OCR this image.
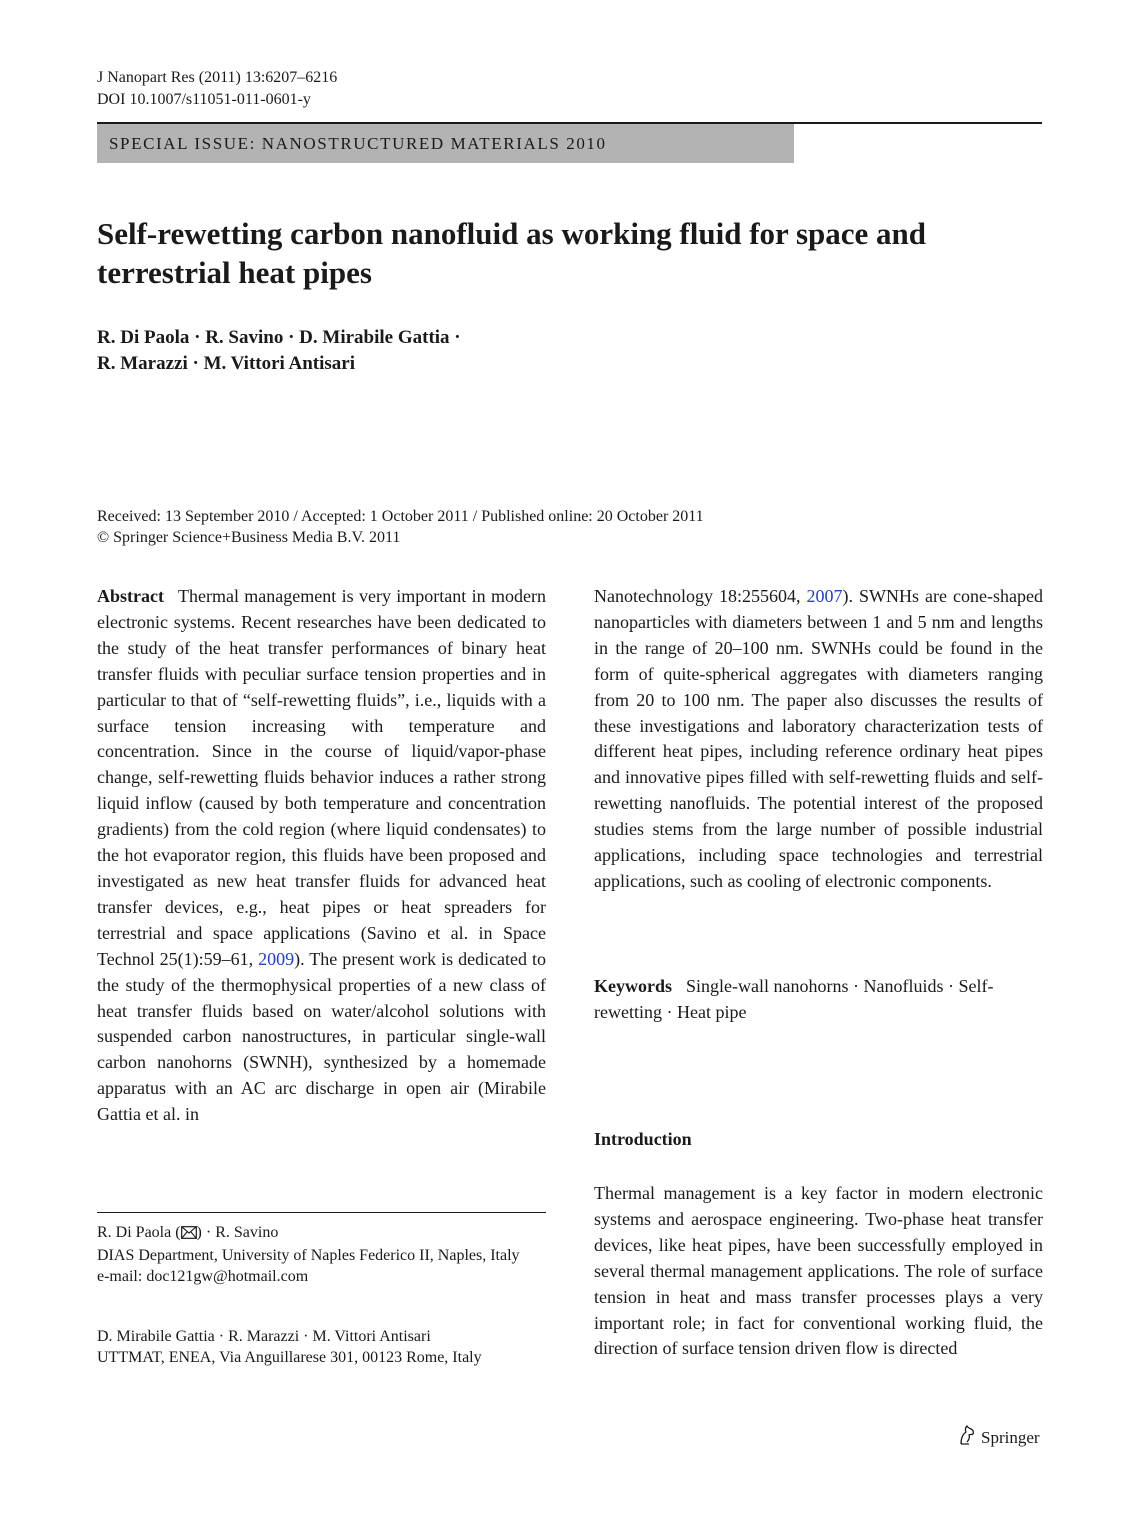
J Nanopart Res (2011) 13:6207–6216
DOI 10.1007/s11051-011-0601-y
SPECIAL ISSUE: NANOSTRUCTURED MATERIALS 2010
Self-rewetting carbon nanofluid as working fluid for space and terrestrial heat pipes
R. Di Paola · R. Savino · D. Mirabile Gattia ·
R. Marazzi · M. Vittori Antisari
Received: 13 September 2010 / Accepted: 1 October 2011 / Published online: 20 October 2011
© Springer Science+Business Media B.V. 2011
Abstract Thermal management is very important in modern electronic systems. Recent researches have been dedicated to the study of the heat transfer performances of binary heat transfer fluids with peculiar surface tension properties and in particular to that of “self-rewetting fluids”, i.e., liquids with a surface tension increasing with temperature and concentration. Since in the course of liquid/vapor-phase change, self-rewetting fluids behavior induces a rather strong liquid inflow (caused by both temperature and concentration gradients) from the cold region (where liquid condensates) to the hot evaporator region, this fluids have been proposed and investigated as new heat transfer fluids for advanced heat transfer devices, e.g., heat pipes or heat spreaders for terrestrial and space applications (Savino et al. in Space Technol 25(1):59–61, 2009). The present work is dedicated to the study of the thermophysical properties of a new class of heat transfer fluids based on water/alcohol solutions with suspended carbon nanostructures, in particular single-wall carbon nanohorns (SWNH), synthesized by a homemade apparatus with an AC arc discharge in open air (Mirabile Gattia et al. in
Nanotechnology 18:255604, 2007). SWNHs are cone-shaped nanoparticles with diameters between 1 and 5 nm and lengths in the range of 20–100 nm. SWNHs could be found in the form of quite-spherical aggregates with diameters ranging from 20 to 100 nm. The paper also discusses the results of these investigations and laboratory characterization tests of different heat pipes, including reference ordinary heat pipes and innovative pipes filled with self-rewetting fluids and self-rewetting nanofluids. The potential interest of the proposed studies stems from the large number of possible industrial applications, including space technologies and terrestrial applications, such as cooling of electronic components.
Keywords Single-wall nanohorns · Nanofluids · Self-rewetting · Heat pipe
Introduction
Thermal management is a key factor in modern electronic systems and aerospace engineering. Two-phase heat transfer devices, like heat pipes, have been successfully employed in several thermal management applications. The role of surface tension in heat and mass transfer processes plays a very important role; in fact for conventional working fluid, the direction of surface tension driven flow is directed
R. Di Paola ( ) · R. Savino
DIAS Department, University of Naples Federico II, Naples, Italy
e-mail: doc121gw@hotmail.com
D. Mirabile Gattia · R. Marazzi · M. Vittori Antisari
UTTMAT, ENEA, Via Anguillarese 301, 00123 Rome, Italy
Springer
